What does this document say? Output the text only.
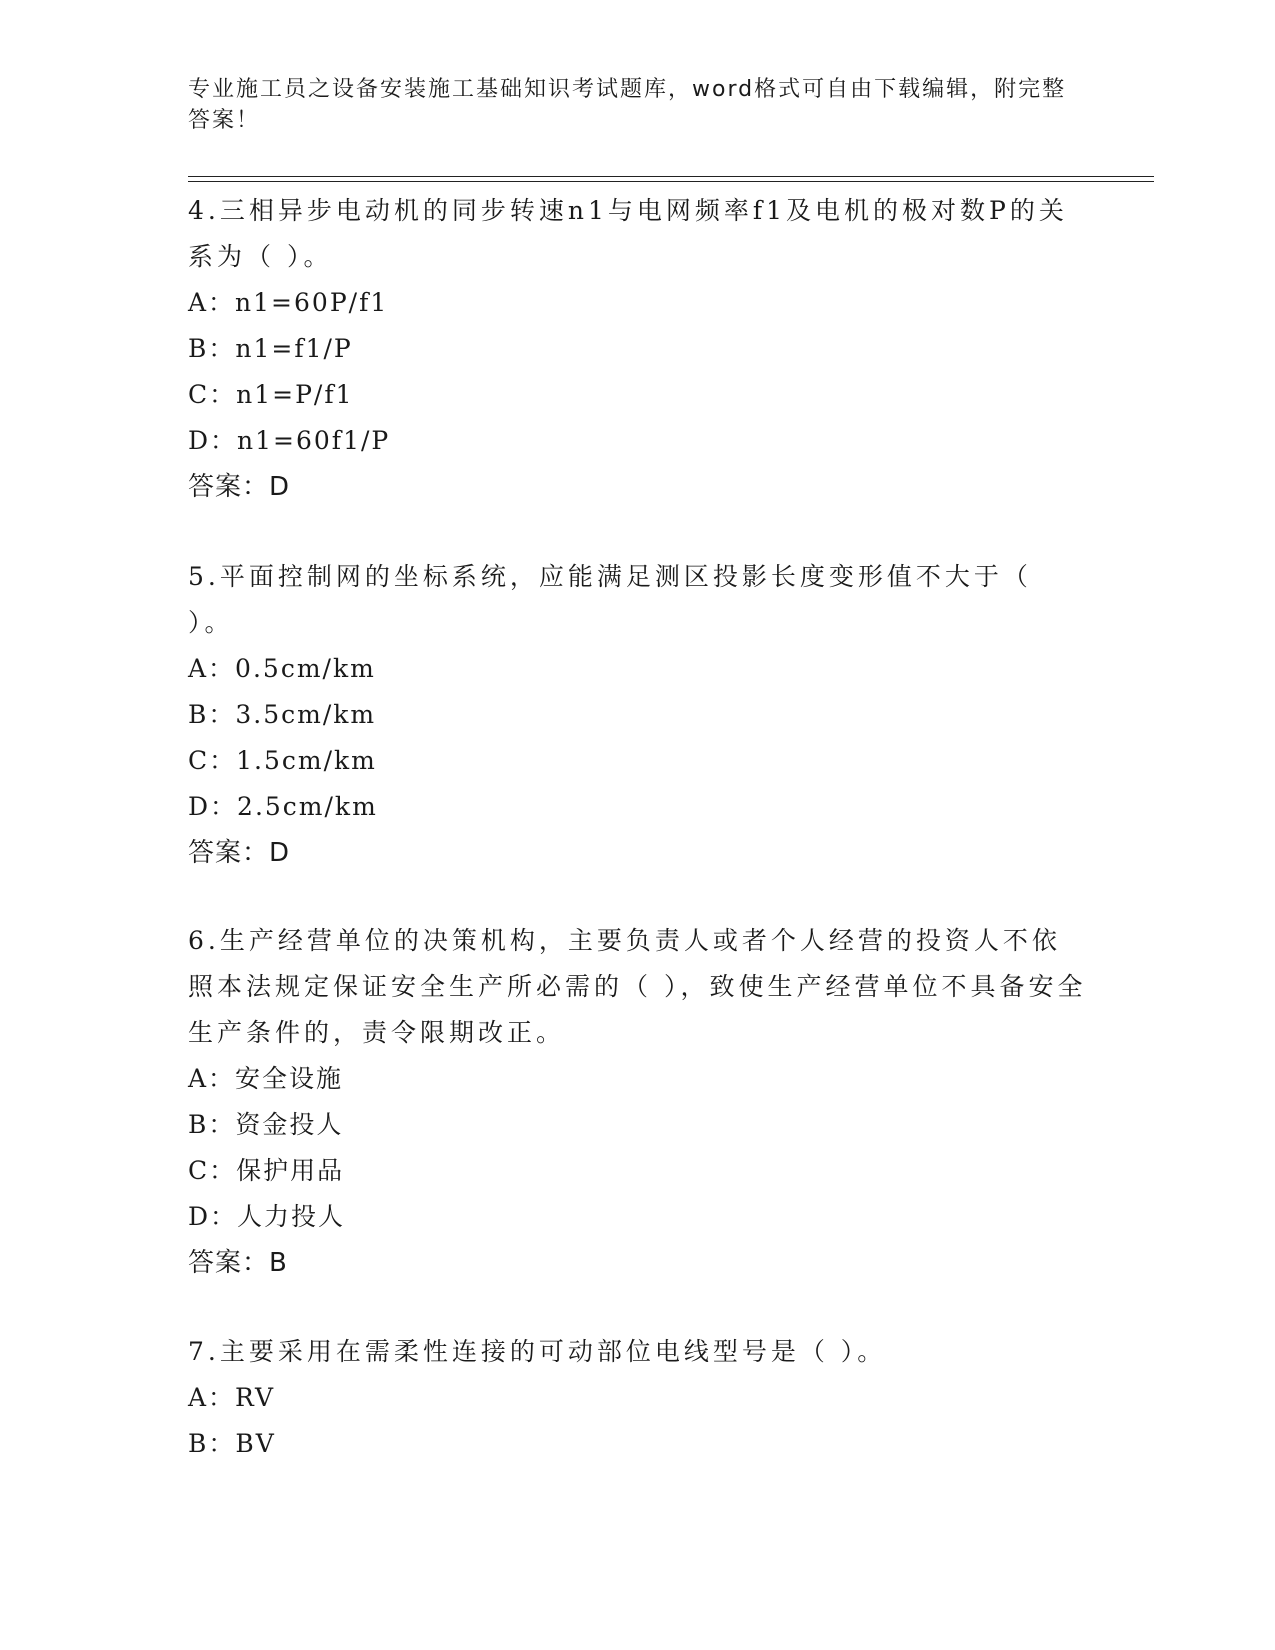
专业施工员之设备安装施工基础知识考试题库，word格式可自由下载编辑，附完整答案！
4.三相异步电动机的同步转速n1与电网频率f1及电机的极对数P的关系为（ ）。
A：n1=60P/f1
B：n1=f1/P
C：n1=P/f1
D：n1=60f1/P
答案：D
5.平面控制网的坐标系统，应能满足测区投影长度变形值不大于（ ）。
A：0.5cm/km
B：3.5cm/km
C：1.5cm/km
D：2.5cm/km
答案：D
6.生产经营单位的决策机构，主要负责人或者个人经营的投资人不依照本法规定保证安全生产所必需的（ ），致使生产经营单位不具备安全生产条件的，责令限期改正。
A：安全设施
B：资金投人
C：保护用品
D：人力投人
答案：B
7.主要采用在需柔性连接的可动部位电线型号是（ ）。
A：RV
B：BV
